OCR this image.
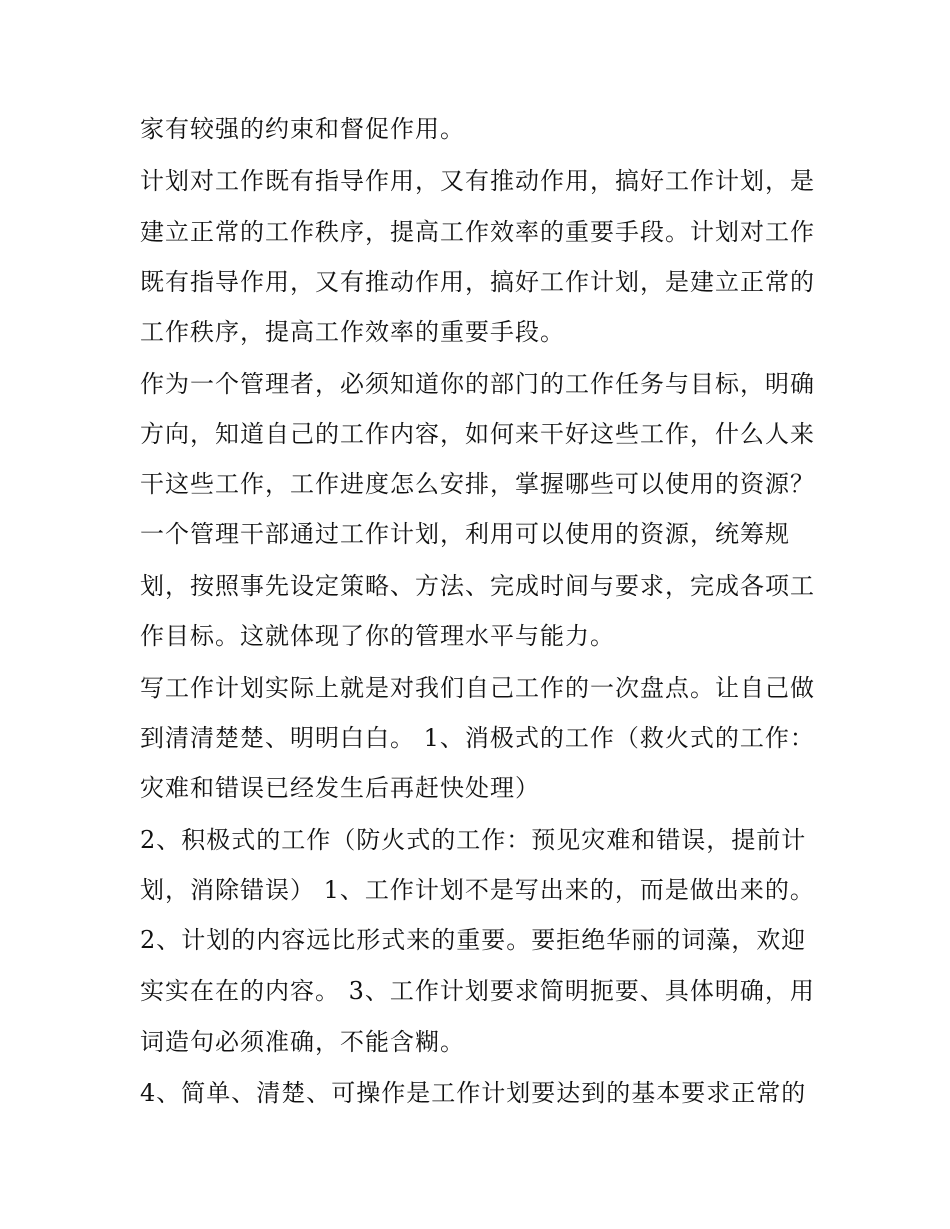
家有较强的约束和督促作用。
计划对工作既有指导作用，又有推动作用，搞好工作计划，是
建立正常的工作秩序，提高工作效率的重要手段。计划对工作
既有指导作用，又有推动作用，搞好工作计划，是建立正常的
工作秩序，提高工作效率的重要手段。
作为一个管理者，必须知道你的部门的工作任务与目标，明确
方向，知道自己的工作内容，如何来干好这些工作，什么人来
干这些工作，工作进度怎么安排，掌握哪些可以使用的资源？
一个管理干部通过工作计划，利用可以使用的资源，统筹规
划，按照事先设定策略、方法、完成时间与要求，完成各项工
作目标。这就体现了你的管理水平与能力。
写工作计划实际上就是对我们自己工作的一次盘点。让自己做
到清清楚楚、明明白白。 1、消极式的工作（救火式的工作：
灾难和错误已经发生后再赶快处理）
2、积极式的工作（防火式的工作：预见灾难和错误，提前计
划，消除错误） 1、工作计划不是写出来的，而是做出来的。
2、计划的内容远比形式来的重要。要拒绝华丽的词藻，欢迎
实实在在的内容。 3、工作计划要求简明扼要、具体明确，用
词造句必须准确，不能含糊。
4、简单、清楚、可操作是工作计划要达到的基本要求正常的
